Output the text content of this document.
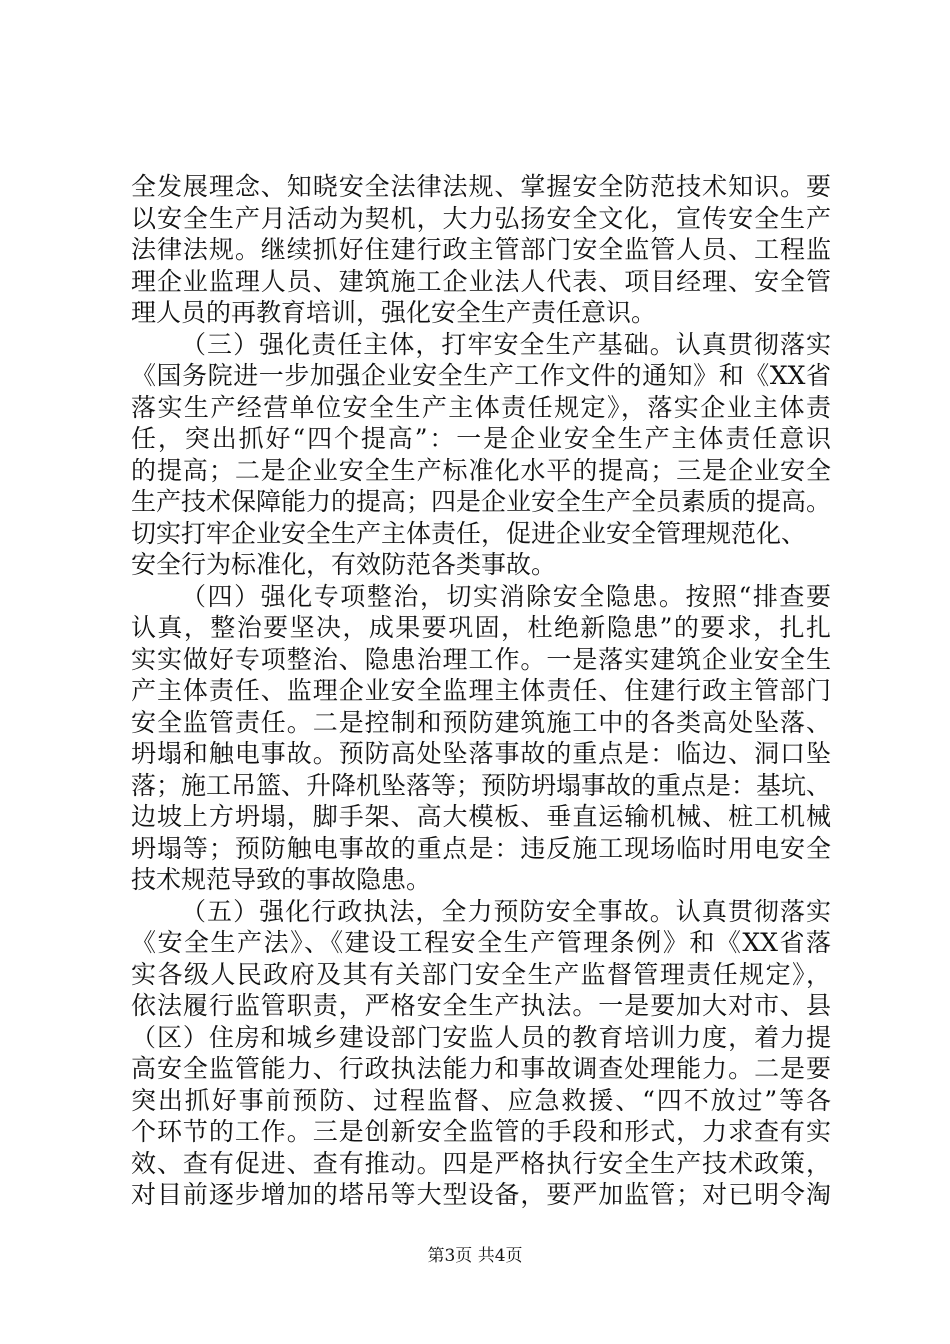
全发展理念、知晓安全法律法规、掌握安全防范技术知识。要
以安全生产月活动为契机，大力弘扬安全文化，宣传安全生产
法律法规。继续抓好住建行政主管部门安全监管人员、工程监
理企业监理人员、建筑施工企业法人代表、项目经理、安全管
理人员的再教育培训，强化安全生产责任意识。
（三）强化责任主体，打牢安全生产基础。认真贯彻落实
《国务院进一步加强企业安全生产工作文件的通知》和《XX省
落实生产经营单位安全生产主体责任规定》，落实企业主体责
任，突出抓好“四个提高”：一是企业安全生产主体责任意识
的提高；二是企业安全生产标准化水平的提高；三是企业安全
生产技术保障能力的提高；四是企业安全生产全员素质的提高。
切实打牢企业安全生产主体责任，促进企业安全管理规范化、
安全行为标准化，有效防范各类事故。
（四）强化专项整治，切实消除安全隐患。按照“排查要
认真，整治要坚决，成果要巩固，杜绝新隐患”的要求，扎扎
实实做好专项整治、隐患治理工作。一是落实建筑企业安全生
产主体责任、监理企业安全监理主体责任、住建行政主管部门
安全监管责任。二是控制和预防建筑施工中的各类高处坠落、
坍塌和触电事故。预防高处坠落事故的重点是：临边、洞口坠
落；施工吊篮、升降机坠落等；预防坍塌事故的重点是：基坑、
边坡上方坍塌，脚手架、高大模板、垂直运输机械、桩工机械
坍塌等；预防触电事故的重点是：违反施工现场临时用电安全
技术规范导致的事故隐患。
（五）强化行政执法，全力预防安全事故。认真贯彻落实
《安全生产法》、《建设工程安全生产管理条例》和《XX省落
实各级人民政府及其有关部门安全生产监督管理责任规定》，
依法履行监管职责，严格安全生产执法。一是要加大对市、县
（区）住房和城乡建设部门安监人员的教育培训力度，着力提
高安全监管能力、行政执法能力和事故调查处理能力。二是要
突出抓好事前预防、过程监督、应急救援、“四不放过”等各
个环节的工作。三是创新安全监管的手段和形式，力求查有实
效、查有促进、查有推动。四是严格执行安全生产技术政策，
对目前逐步增加的塔吊等大型设备，要严加监管；对已明令淘
第3页 共4页
